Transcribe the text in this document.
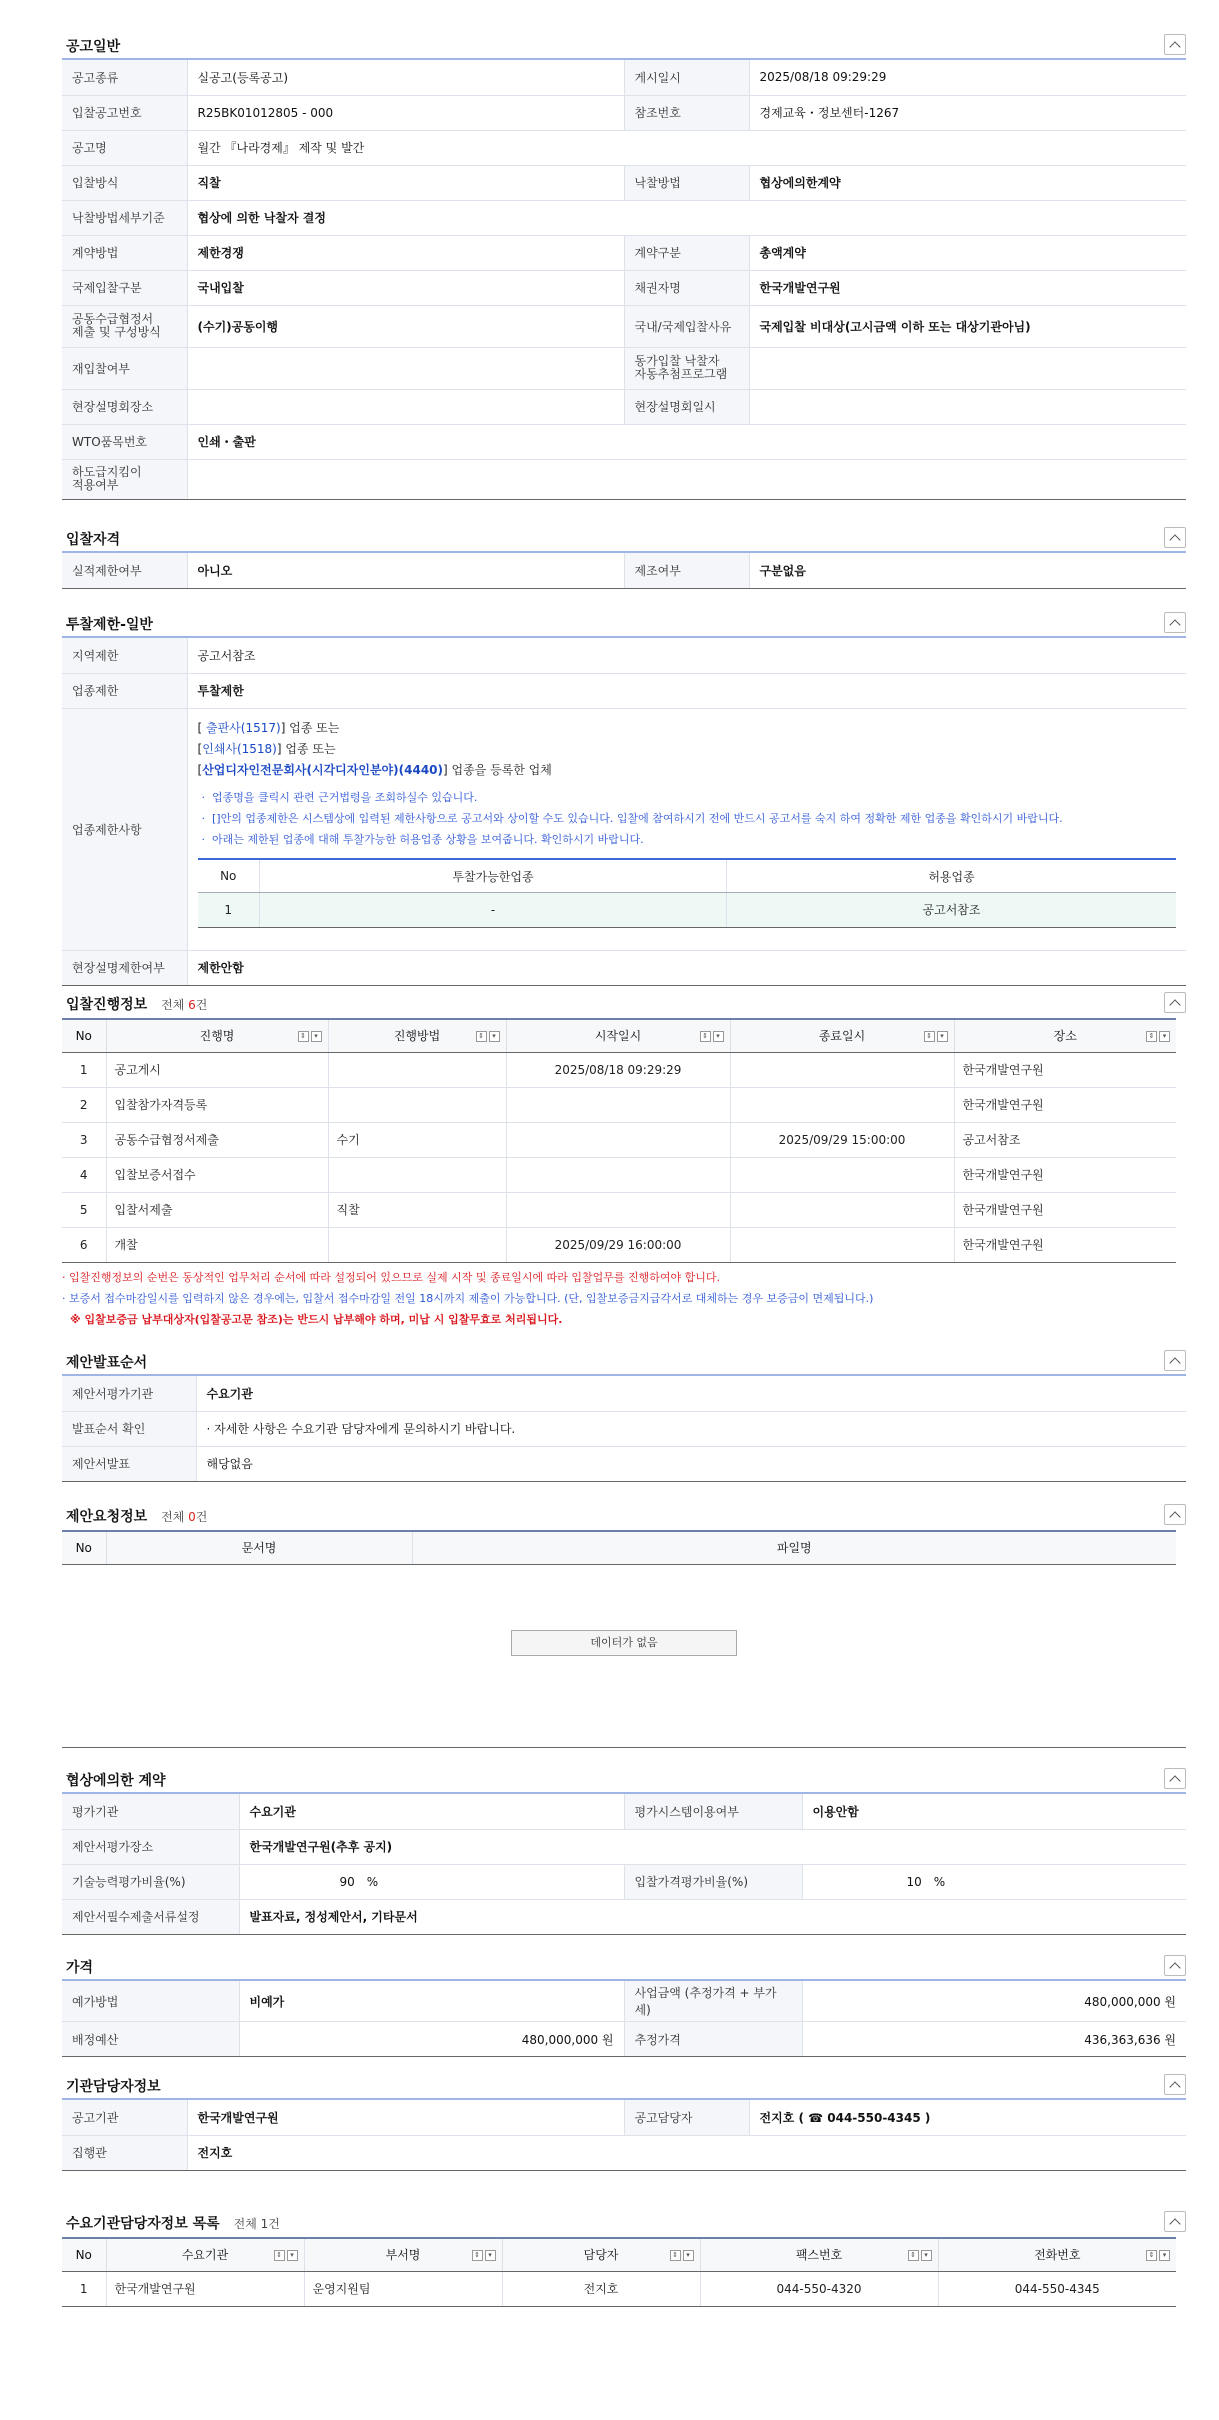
공고일반
공고종류	실공고(등록공고)	게시일시	2025/08/18 09:29:29
입찰공고번호	R25BK01012805 - 000	참조번호	경제교육・정보센터-1267
공고명	월간 『나라경제』 제작 및 발간		
입찰방식	직찰	낙찰방법	협상에의한계약
낙찰방법세부기준	협상에 의한 낙찰자 결정		
계약방법	제한경쟁	계약구분	총액계약
국제입찰구분	국내입찰	채권자명	한국개발연구원
공동수급협정서
제출 및 구성방식	(수기)공동이행	국내/국제입찰사유	국제입찰 비대상(고시금액 이하 또는 대상기관아님)
재입찰여부		동가입찰 낙찰자
자동추첨프로그램	
현장설명회장소		현장설명회일시	
WTO품목번호	인쇄・출판		
하도급지킴이
적용여부			
입찰자격
실적제한여부	아니오	제조여부	구분없음
투찰제한-일반
지역제한	공고서참조
업종제한	투찰제한
업종제한사항	
[ 출판사(1517)] 업종 또는
[인쇄사(1518)] 업종 또는
[산업디자인전문회사(시각디자인분야)(4440)] 업종을 등록한 업체
·  업종명을 클릭시 관련 근거법령을 조회하실수 있습니다.
·  []안의 업종제한은 시스템상에 입력된 제한사항으로 공고서와 상이할 수도 있습니다. 입찰에 참여하시기 전에 반드시 공고서를 숙지 하여 정확한 제한 업종을 확인하시기 바랍니다.
·  아래는 제한된 업종에 대해 투찰가능한 허용업종 상황을 보여줍니다. 확인하시기 바랍니다.
No	투찰가능한업종	허용업종
1	-	공고서참조

현장설명제한여부	제한안함
입찰진행정보 전체 6건
No	진행명 ⇕ ▾	진행방법 ⇕ ▾	시작일시 ⇕ ▾	종료일시 ⇕ ▾	장소 ⇕ ▾

1	공고게시		2025/08/18 09:29:29		한국개발연구원
2	입찰참가자격등록				한국개발연구원
3	공동수급협정서제출	수기		2025/09/29 15:00:00	공고서참조
4	입찰보증서접수				한국개발연구원
5	입찰서제출	직찰			한국개발연구원
6	개찰		2025/09/29 16:00:00		한국개발연구원
· 입찰진행정보의 순번은 동상적인 업무처리 순서에 따라 설정되어 있으므로 실제 시작 및 종료일시에 따라 입찰업무를 진행하여야 합니다.
· 보증서 접수마감일시를 입력하지 않은 경우에는, 입찰서 접수마감일 전일 18시까지 제출이 가능합니다. (단, 입찰보증금지급각서로 대체하는 경우 보증금이 면제됩니다.)
※ 입찰보증금 납부대상자(입찰공고문 참조)는 반드시 납부해야 하며, 미납 시 입찰무효로 처리됩니다.
제안발표순서
제안서평가기관	수요기관
발표순서 확인	· 자세한 사항은 수요기관 담당자에게 문의하시기 바랍니다.
제안서발표	해당없음
제안요청정보 전체 0건
No	문서명	파일명
데이터가 없음
협상에의한 계약
평가기관	수요기관	평가시스템이용여부	이용안함
제안서평가장소	한국개발연구원(추후 공지)		
기술능력평가비율(%)	90 %	입찰가격평가비율(%)	10 %
제안서필수제출서류설정	발표자료, 정성제안서, 기타문서		
가격
예가방법	비예가	사업금액 (추정가격 + 부가세)	480,000,000 원
배정예산	480,000,000 원	추정가격	436,363,636 원
기관담당자정보
공고기관	한국개발연구원	공고담당자	전지호 ( ☎ 044-550-4345 )
집행관	전지호		
수요기관담당자정보 목록 전체 1건
No	수요기관 ⇕ ▾	부서명 ⇕ ▾	담당자 ⇕ ▾	팩스번호 ⇕ ▾	전화번호 ⇕ ▾

1	한국개발연구원	운영지원팀	전지호	044-550-4320	044-550-4345
